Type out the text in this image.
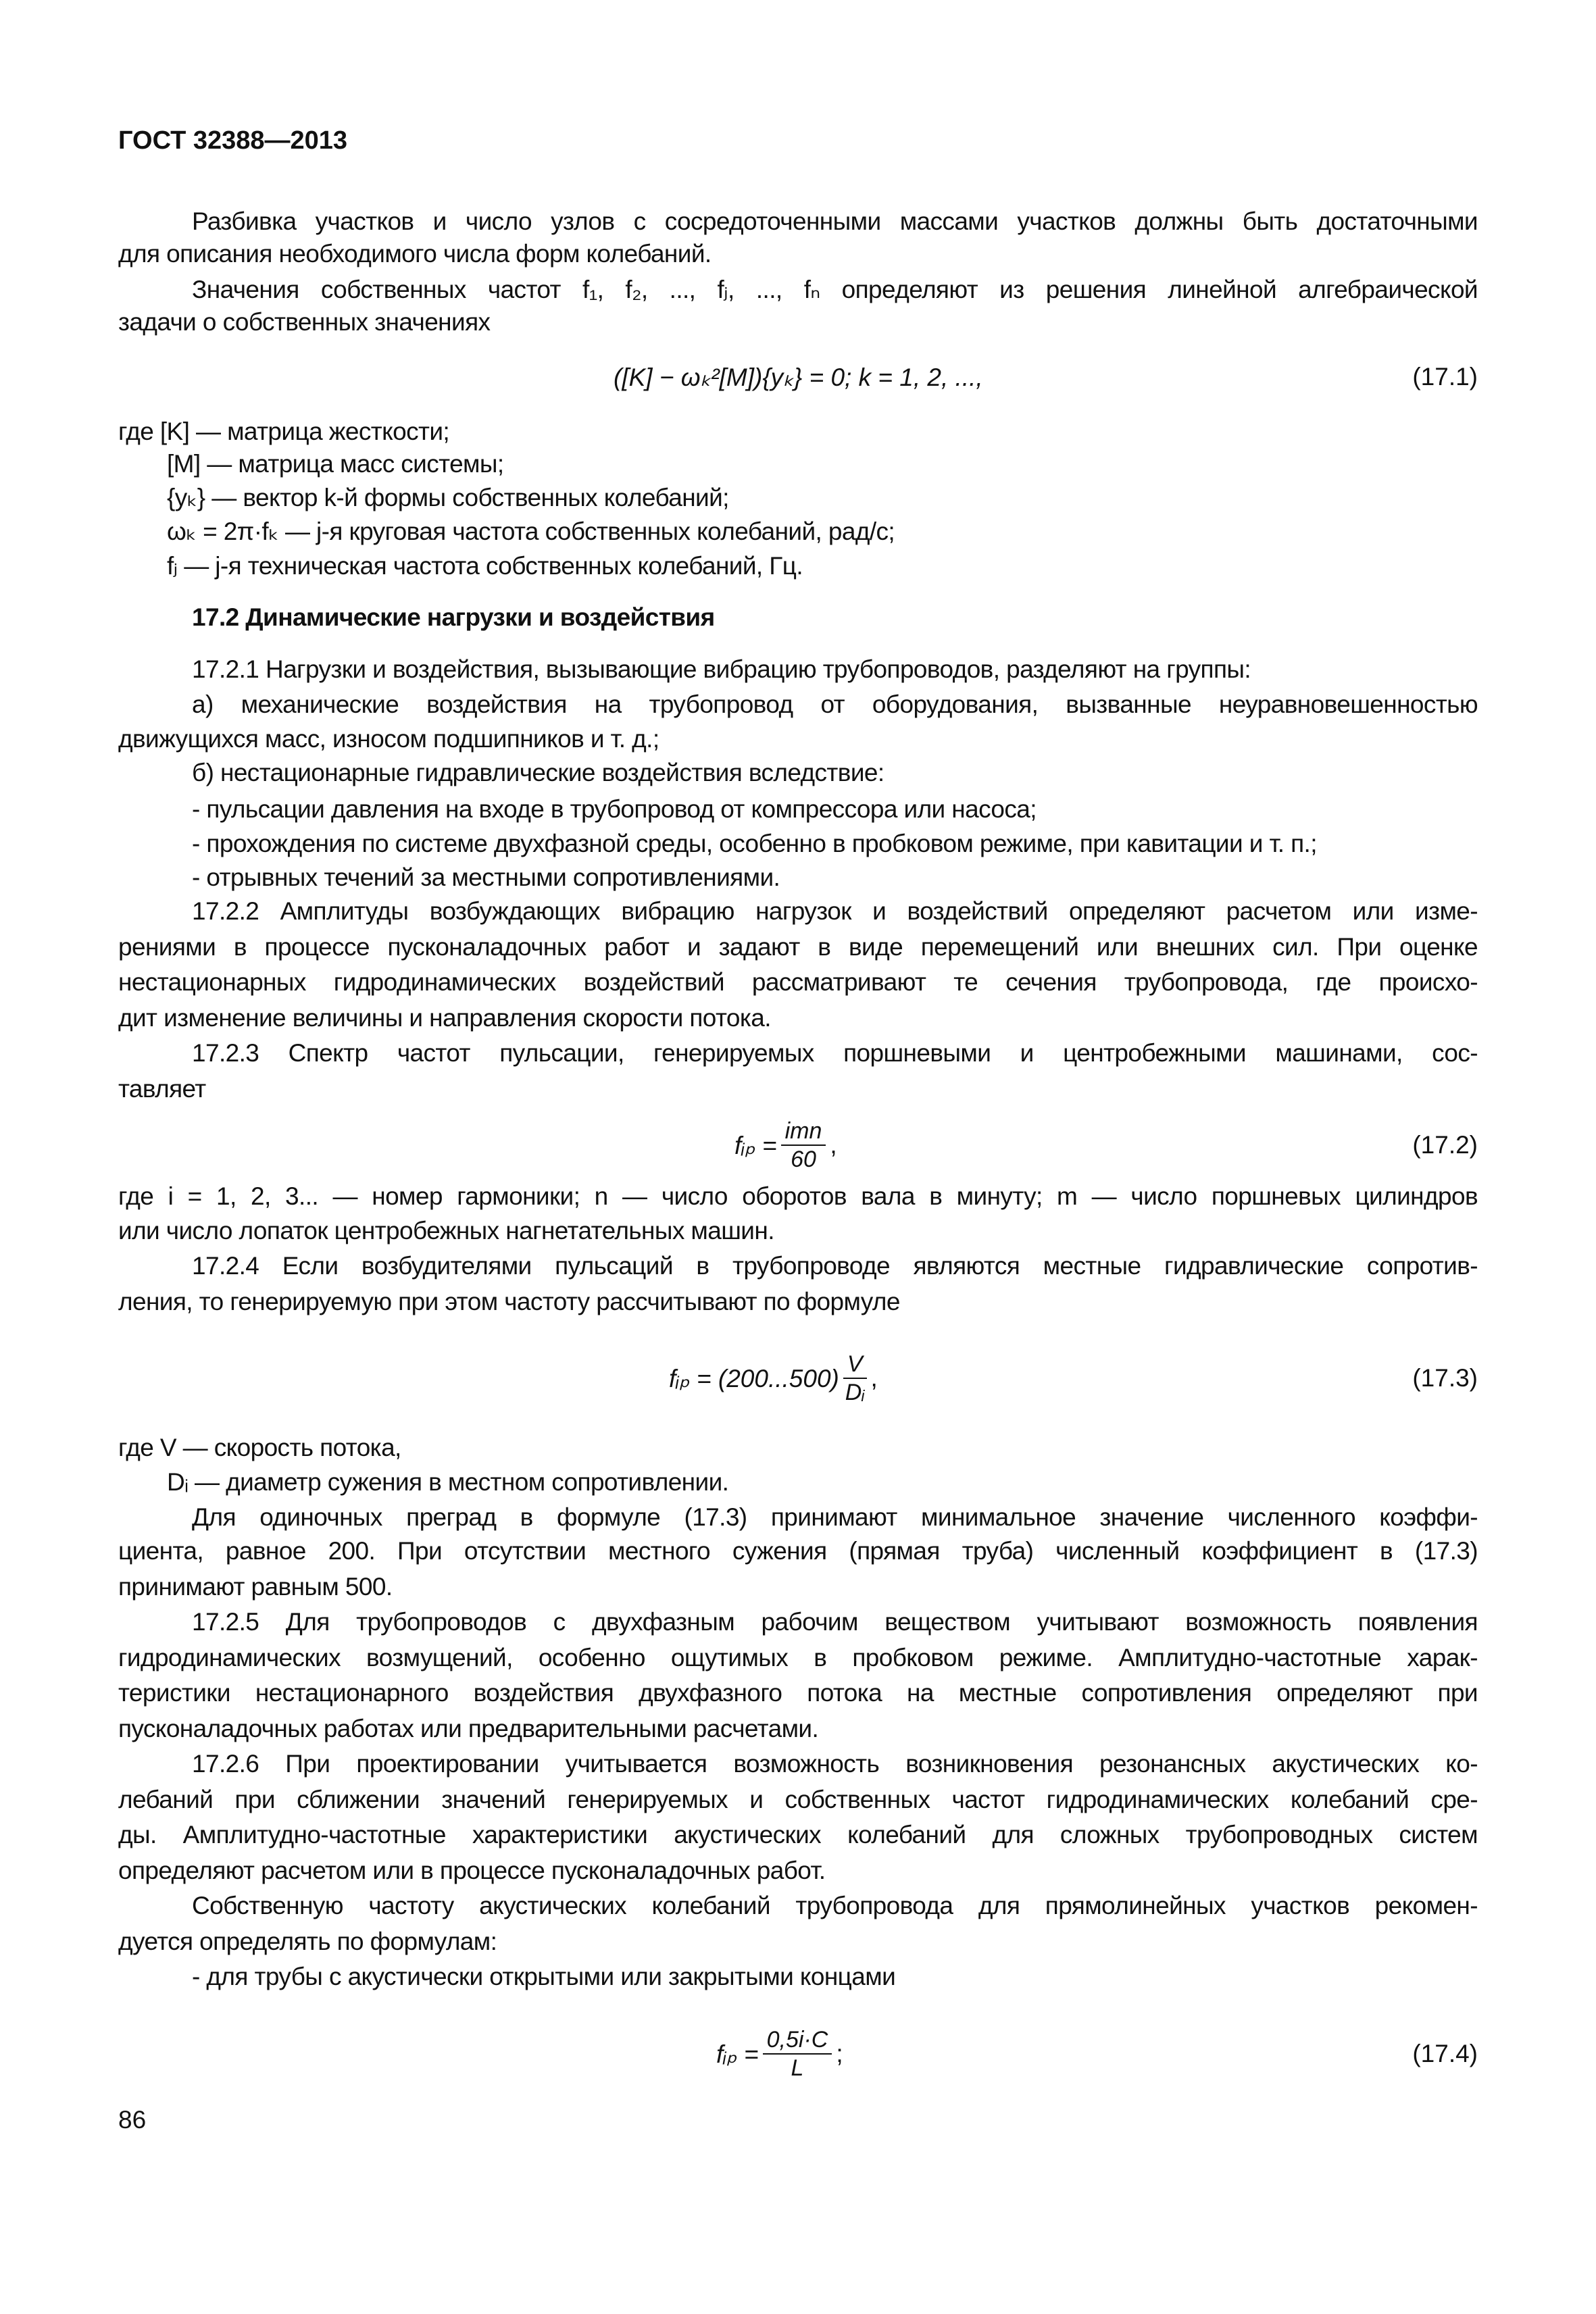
ГОСТ 32388—2013
Разбивка участков и число узлов с сосредоточенными массами участков должны быть достаточными
для описания необходимого числа форм колебаний.
Значения собственных частот f₁, f₂, ..., fⱼ, ..., fₙ определяют из решения линейной алгебраической
задачи о собственных значениях
где [K] — матрица жесткости;
[M] — матрица масс системы;
{yₖ} — вектор k-й формы собственных колебаний;
ωₖ = 2π·fₖ — j-я круговая частота собственных колебаний, рад/с;
fⱼ — j-я техническая частота собственных колебаний, Гц.
17.2.1 Нагрузки и воздействия, вызывающие вибрацию трубопроводов, разделяют на группы:
а) механические воздействия на трубопровод от оборудования, вызванные неуравновешенностью
движущихся масс, износом подшипников и т. д.;
б) нестационарные гидравлические воздействия вследствие:
- пульсации давления на входе в трубопровод от компрессора или насоса;
- прохождения по системе двухфазной среды, особенно в пробковом режиме, при кавитации и т. п.;
- отрывных течений за местными сопротивлениями.
17.2.2 Амплитуды возбуждающих вибрацию нагрузок и воздействий определяют расчетом или изме-
рениями в процессе пусконаладочных работ и задают в виде перемещений или внешних сил. При оценке
нестационарных гидродинамических воздействий рассматривают те сечения трубопровода, где происхо-
дит изменение величины и направления скорости потока.
17.2.3 Спектр частот пульсации, генерируемых поршневыми и центробежными машинами, сос-
тавляет
где i = 1, 2, 3... — номер гармоники; n — число оборотов вала в минуту; m — число поршневых цилиндров
или число лопаток центробежных нагнетательных машин.
17.2.4 Если возбудителями пульсаций в трубопроводе являются местные гидравлические сопротив-
ления, то генерируемую при этом частоту рассчитывают по формуле
где V — скорость потока,
Dᵢ — диаметр сужения в местном сопротивлении.
Для одиночных преград в формуле (17.3) принимают минимальное значение численного коэффи-
циента, равное 200. При отсутствии местного сужения (прямая труба) численный коэффициент в (17.3)
принимают равным 500.
17.2.5 Для трубопроводов с двухфазным рабочим веществом учитывают возможность появления
гидродинамических возмущений, особенно ощутимых в пробковом режиме. Амплитудно-частотные харак-
теристики нестационарного воздействия двухфазного потока на местные сопротивления определяют при
пусконаладочных работах или предварительными расчетами.
17.2.6 При проектировании учитывается возможность возникновения резонансных акустических ко-
лебаний при сближении значений генерируемых и собственных частот гидродинамических колебаний сре-
ды. Амплитудно-частотные характеристики акустических колебаний для сложных трубопроводных систем
определяют расчетом или в процессе пусконаладочных работ.
Собственную частоту акустических колебаний трубопровода для прямолинейных участков рекомен-
дуется определять по формулам:
- для трубы с акустически открытыми или закрытыми концами
17.2 Динамические нагрузки и воздействия
([K] − ωₖ²[M]){yₖ} = 0; k = 1, 2, ...,	(17.1)
fᵢₚ = $\frac{\text{imn}}{60}$ ,	(17.2)
fᵢₚ = $(200...500) \frac{V}{\text{Dᵢ}}$ ,	(17.3)
fᵢₚ = $\frac{0,5i\cdot C}{L}$ ;	(17.4)
86
